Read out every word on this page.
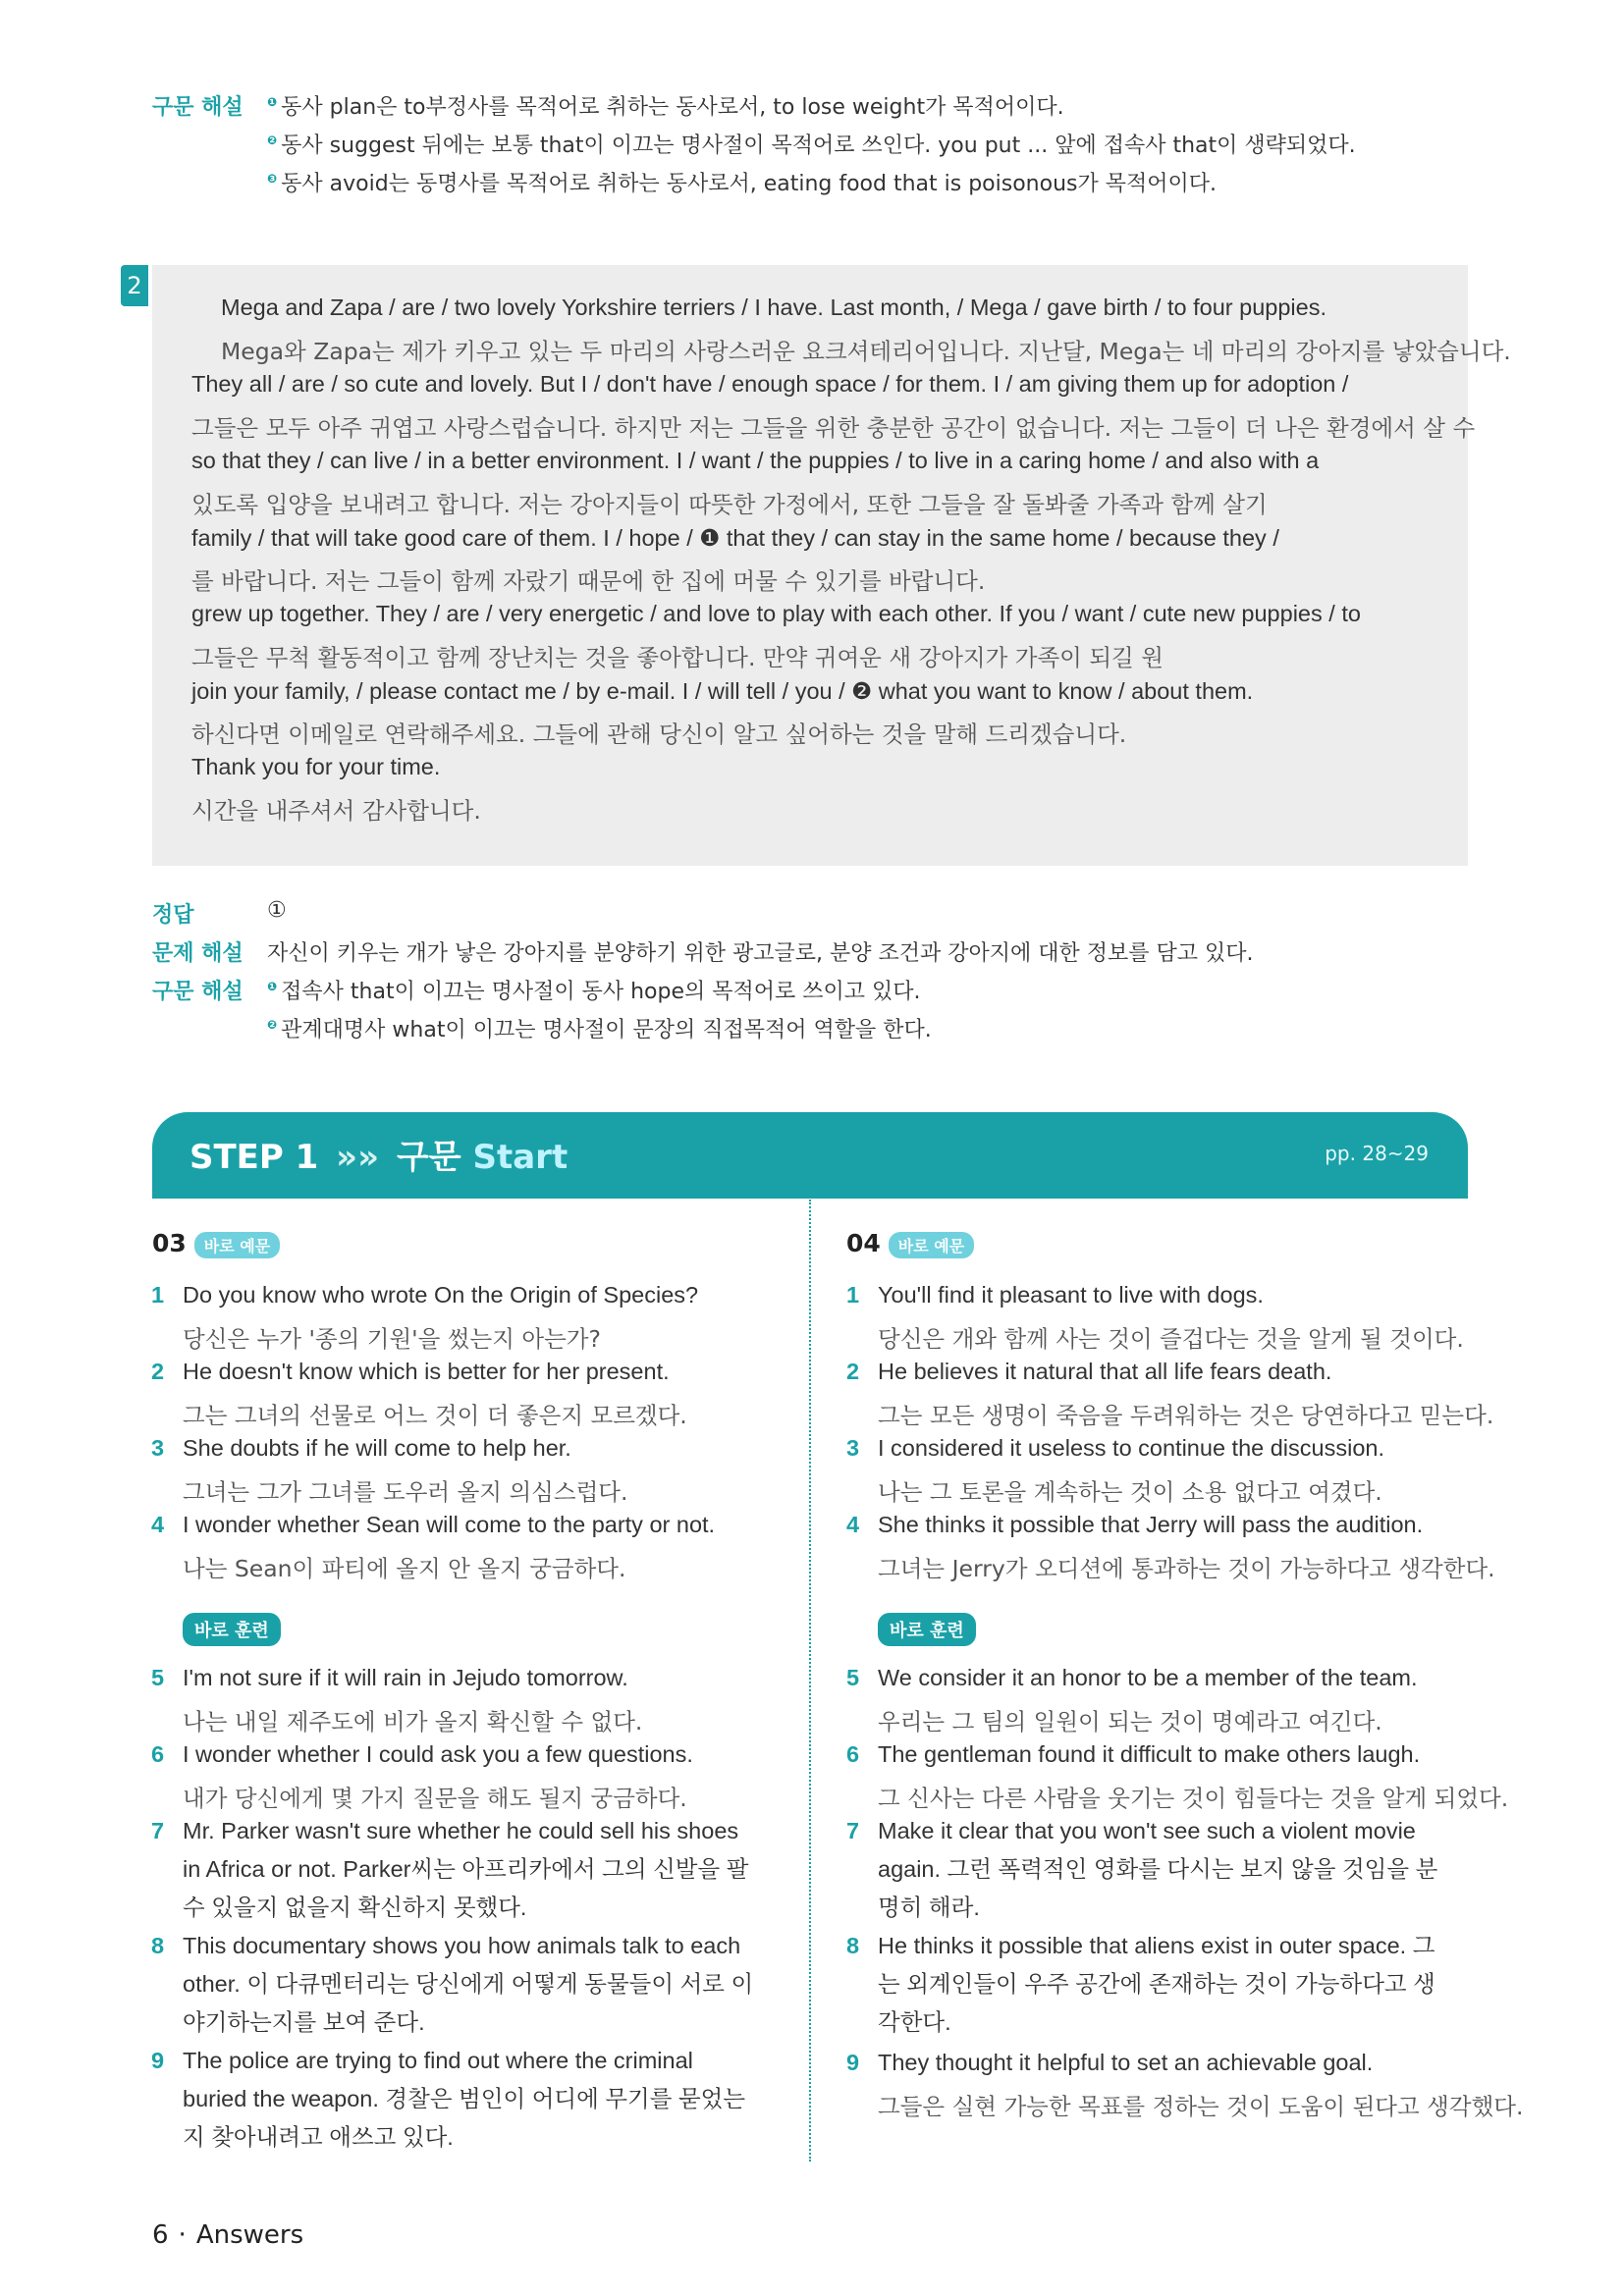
구문 해설 $^❶$ 동사 plan은 to부정사를 목적어로 취하는 동사로서, to lose weight가 목적어이다.
$^❷$ 동사 suggest 뒤에는 보통 that이 이끄는 명사절이 목적어로 쓰인다. you put ... 앞에 접속사 that이 생략되었다.
$^❸$ 동사 avoid는 동명사를 목적어로 취하는 동사로서, eating food that is poisonous가 목적어이다.
2
Mega and Zapa / are / two lovely Yorkshire terriers / I have. Last month, / Mega / gave birth / to four puppies.
Mega와 Zapa는 제가 키우고 있는 두 마리의 사랑스러운 요크셔테리어입니다. 지난달, Mega는 네 마리의 강아지를 낳았습니다.
They all / are / so cute and lovely. But I / don't have / enough space / for them. I / am giving them up for adoption /
그들은 모두 아주 귀엽고 사랑스럽습니다. 하지만 저는 그들을 위한 충분한 공간이 없습니다. 저는 그들이 더 나은 환경에서 살 수
so that they / can live / in a better environment. I / want / the puppies / to live in a caring home / and also with a
있도록 입양을 보내려고 합니다. 저는 강아지들이 따뜻한 가정에서, 또한 그들을 잘 돌봐줄 가족과 함께 살기
family / that will take good care of them. I / hope / ❶ that they / can stay in the same home / because they /
를 바랍니다. 저는 그들이 함께 자랐기 때문에 한 집에 머물 수 있기를 바랍니다.
grew up together. They / are / very energetic / and love to play with each other. If you / want / cute new puppies / to
그들은 무척 활동적이고 함께 장난치는 것을 좋아합니다. 만약 귀여운 새 강아지가 가족이 되길 원
join your family, / please contact me / by e-mail. I / will tell / you / ❷ what you want to know / about them.
하신다면 이메일로 연락해주세요. 그들에 관해 당신이 알고 싶어하는 것을 말해 드리겠습니다.
Thank you for your time.
시간을 내주셔서 감사합니다.
정답	①
문제 해설 자신이 키우는 개가 낳은 강아지를 분양하기 위한 광고글로, 분양 조건과 강아지에 대한 정보를 담고 있다.
구문 해설 $^❶$ 접속사 that이 이끄는 명사절이 동사 hope의 목적어로 쓰이고 있다.
$^❷$ 관계대명사 what이 이끄는 명사절이 문장의 직접목적어 역할을 한다.
STEP 1 »» 구문 Start	pp. 28~29
03 바로 예문
1 Do you know who wrote On the Origin of Species?
당신은 누가 '종의 기원'을 썼는지 아는가?
2 He doesn't know which is better for her present.
그는 그녀의 선물로 어느 것이 더 좋은지 모르겠다.
3 She doubts if he will come to help her.
그녀는 그가 그녀를 도우러 올지 의심스럽다.
4 I wonder whether Sean will come to the party or not.
나는 Sean이 파티에 올지 안 올지 궁금하다.
바로 훈련
5 I'm not sure if it will rain in Jejudo tomorrow.
나는 내일 제주도에 비가 올지 확신할 수 없다.
6 I wonder whether I could ask you a few questions.
내가 당신에게 몇 가지 질문을 해도 될지 궁금하다.
7 Mr. Parker wasn't sure whether he could sell his shoes in Africa or not. Parker씨는 아프리카에서 그의 신발을 팔 수 있을지 없을지 확신하지 못했다.
8 This documentary shows you how animals talk to each other. 이 다큐멘터리는 당신에게 어떻게 동물들이 서로 이야기하는지를 보여 준다.
9 The police are trying to find out where the criminal buried the weapon. 경찰은 범인이 어디에 무기를 묻었는지 찾아내려고 애쓰고 있다.
04 바로 예문
1 You'll find it pleasant to live with dogs.
당신은 개와 함께 사는 것이 즐겁다는 것을 알게 될 것이다.
2 He believes it natural that all life fears death.
그는 모든 생명이 죽음을 두려워하는 것은 당연하다고 믿는다.
3 I considered it useless to continue the discussion.
나는 그 토론을 계속하는 것이 소용 없다고 여겼다.
4 She thinks it possible that Jerry will pass the audition.
그녀는 Jerry가 오디션에 통과하는 것이 가능하다고 생각한다.
바로 훈련
5 We consider it an honor to be a member of the team.
우리는 그 팀의 일원이 되는 것이 명예라고 여긴다.
6 The gentleman found it difficult to make others laugh.
그 신사는 다른 사람을 웃기는 것이 힘들다는 것을 알게 되었다.
7 Make it clear that you won't see such a violent movie again. 그런 폭력적인 영화를 다시는 보지 않을 것임을 분명히 해라.
8 He thinks it possible that aliens exist in outer space. 그는 외계인들이 우주 공간에 존재하는 것이 가능하다고 생각한다.
9 They thought it helpful to set an achievable goal.
그들은 실현 가능한 목표를 정하는 것이 도움이 된다고 생각했다.
6 · Answers
